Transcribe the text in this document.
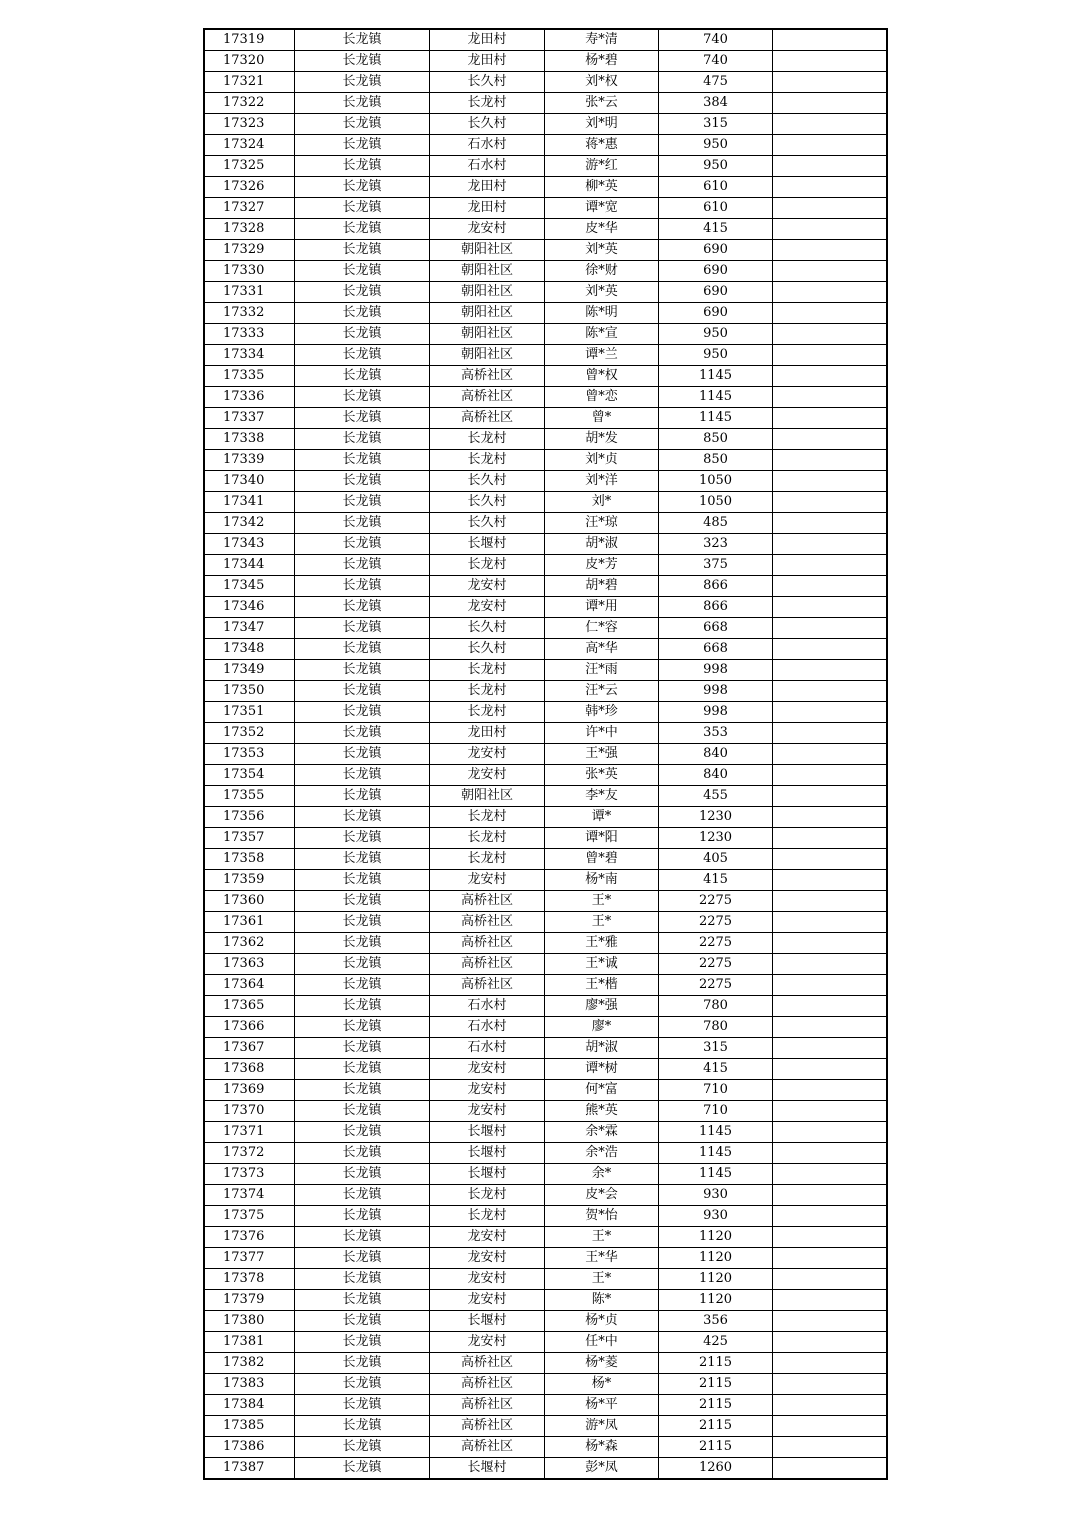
17319	长龙镇	龙田村	寿*清	740	
17320	长龙镇	龙田村	杨*碧	740	
17321	长龙镇	长久村	刘*权	475	
17322	长龙镇	长龙村	张*云	384	
17323	长龙镇	长久村	刘*明	315	
17324	长龙镇	石水村	蒋*惠	950	
17325	长龙镇	石水村	游*红	950	
17326	长龙镇	龙田村	柳*英	610	
17327	长龙镇	龙田村	谭*宽	610	
17328	长龙镇	龙安村	皮*华	415	
17329	长龙镇	朝阳社区	刘*英	690	
17330	长龙镇	朝阳社区	徐*财	690	
17331	长龙镇	朝阳社区	刘*英	690	
17332	长龙镇	朝阳社区	陈*明	690	
17333	长龙镇	朝阳社区	陈*宣	950	
17334	长龙镇	朝阳社区	谭*兰	950	
17335	长龙镇	高桥社区	曾*权	1145	
17336	长龙镇	高桥社区	曾*恋	1145	
17337	长龙镇	高桥社区	曾*	1145	
17338	长龙镇	长龙村	胡*发	850	
17339	长龙镇	长龙村	刘*贞	850	
17340	长龙镇	长久村	刘*洋	1050	
17341	长龙镇	长久村	刘*	1050	
17342	长龙镇	长久村	汪*琼	485	
17343	长龙镇	长堰村	胡*淑	323	
17344	长龙镇	长龙村	皮*芳	375	
17345	长龙镇	龙安村	胡*碧	866	
17346	长龙镇	龙安村	谭*用	866	
17347	长龙镇	长久村	仁*容	668	
17348	长龙镇	长久村	高*华	668	
17349	长龙镇	长龙村	汪*雨	998	
17350	长龙镇	长龙村	汪*云	998	
17351	长龙镇	长龙村	韩*珍	998	
17352	长龙镇	龙田村	许*中	353	
17353	长龙镇	龙安村	王*强	840	
17354	长龙镇	龙安村	张*英	840	
17355	长龙镇	朝阳社区	李*友	455	
17356	长龙镇	长龙村	谭*	1230	
17357	长龙镇	长龙村	谭*阳	1230	
17358	长龙镇	长龙村	曾*碧	405	
17359	长龙镇	龙安村	杨*南	415	
17360	长龙镇	高桥社区	王*	2275	
17361	长龙镇	高桥社区	王*	2275	
17362	长龙镇	高桥社区	王*雅	2275	
17363	长龙镇	高桥社区	王*诚	2275	
17364	长龙镇	高桥社区	王*楷	2275	
17365	长龙镇	石水村	廖*强	780	
17366	长龙镇	石水村	廖*	780	
17367	长龙镇	石水村	胡*淑	315	
17368	长龙镇	龙安村	谭*树	415	
17369	长龙镇	龙安村	何*富	710	
17370	长龙镇	龙安村	熊*英	710	
17371	长龙镇	长堰村	余*霖	1145	
17372	长龙镇	长堰村	余*浩	1145	
17373	长龙镇	长堰村	余*	1145	
17374	长龙镇	长龙村	皮*会	930	
17375	长龙镇	长龙村	贺*怡	930	
17376	长龙镇	龙安村	王*	1120	
17377	长龙镇	龙安村	王*华	1120	
17378	长龙镇	龙安村	王*	1120	
17379	长龙镇	龙安村	陈*	1120	
17380	长龙镇	长堰村	杨*贞	356	
17381	长龙镇	龙安村	任*中	425	
17382	长龙镇	高桥社区	杨*菱	2115	
17383	长龙镇	高桥社区	杨*	2115	
17384	长龙镇	高桥社区	杨*平	2115	
17385	长龙镇	高桥社区	游*凤	2115	
17386	长龙镇	高桥社区	杨*森	2115	
17387	长龙镇	长堰村	彭*凤	1260	
